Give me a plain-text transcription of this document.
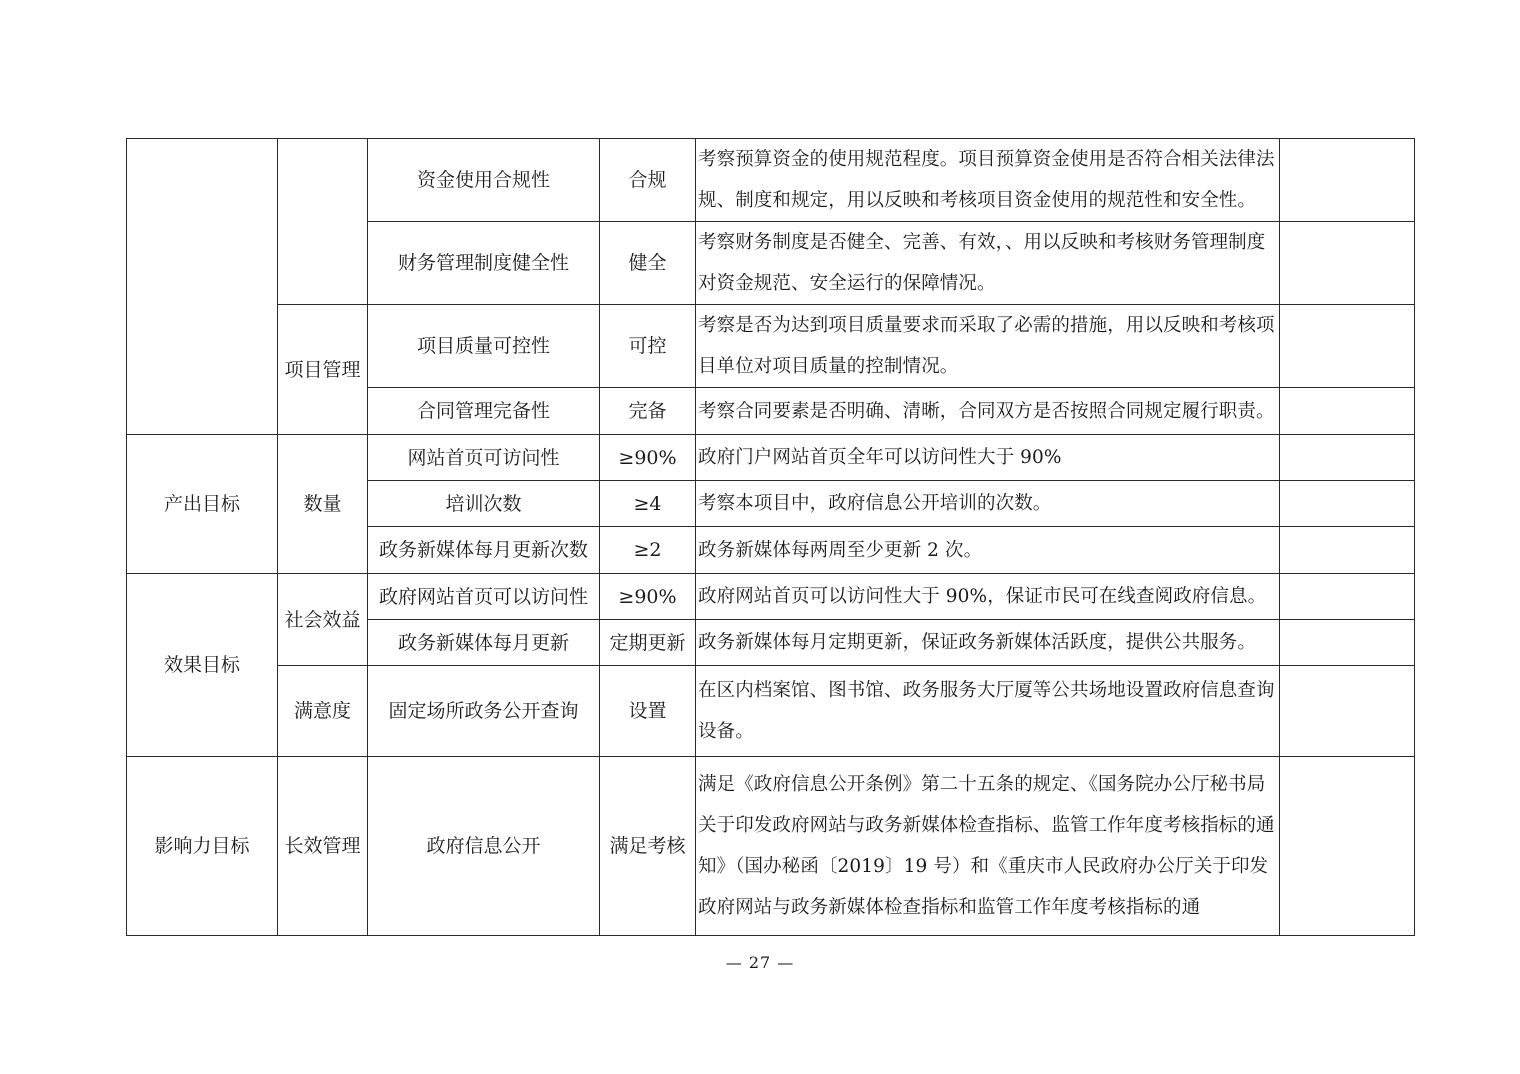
		资金使用合规性	合规	考察预算资金的使用规范程度。项目预算资金使用是否符合相关法律法规、制度和规定，用以反映和考核项目资金使用的规范性和安全性。	
		财务管理制度健全性	健全	考察财务制度是否健全、完善、有效，、用以反映和考核财务管理制度对资金规范、安全运行的保障情况。	
	项目管理	项目质量可控性	可控	考察是否为达到项目质量要求而采取了必需的措施，用以反映和考核项目单位对项目质量的控制情况。	
		合同管理完备性	完备	考察合同要素是否明确、清晰，合同双方是否按照合同规定履行职责。	
产出目标	数量	网站首页可访问性	≥90%	政府门户网站首页全年可以访问性大于 90%	
		培训次数	≥4	考察本项目中，政府信息公开培训的次数。	
		政务新媒体每月更新次数	≥2	政务新媒体每两周至少更新 2 次。	
效果目标	社会效益	政府网站首页可以访问性	≥90%	政府网站首页可以访问性大于 90%，保证市民可在线查阅政府信息。	
		政务新媒体每月更新	定期更新	政务新媒体每月定期更新，保证政务新媒体活跃度，提供公共服务。	
	满意度	固定场所政务公开查询	设置	在区内档案馆、图书馆、政务服务大厅厦等公共场地设置政府信息查询设备。	
影响力目标	长效管理	政府信息公开	满足考核	满足《政府信息公开条例》第二十五条的规定、《国务院办公厅秘书局关于印发政府网站与政务新媒体检查指标、监管工作年度考核指标的通知》（国办秘函〔2019〕19 号）和《重庆市人民政府办公厅关于印发政府网站与政务新媒体检查指标和监管工作年度考核指标的通	
— 27 —
